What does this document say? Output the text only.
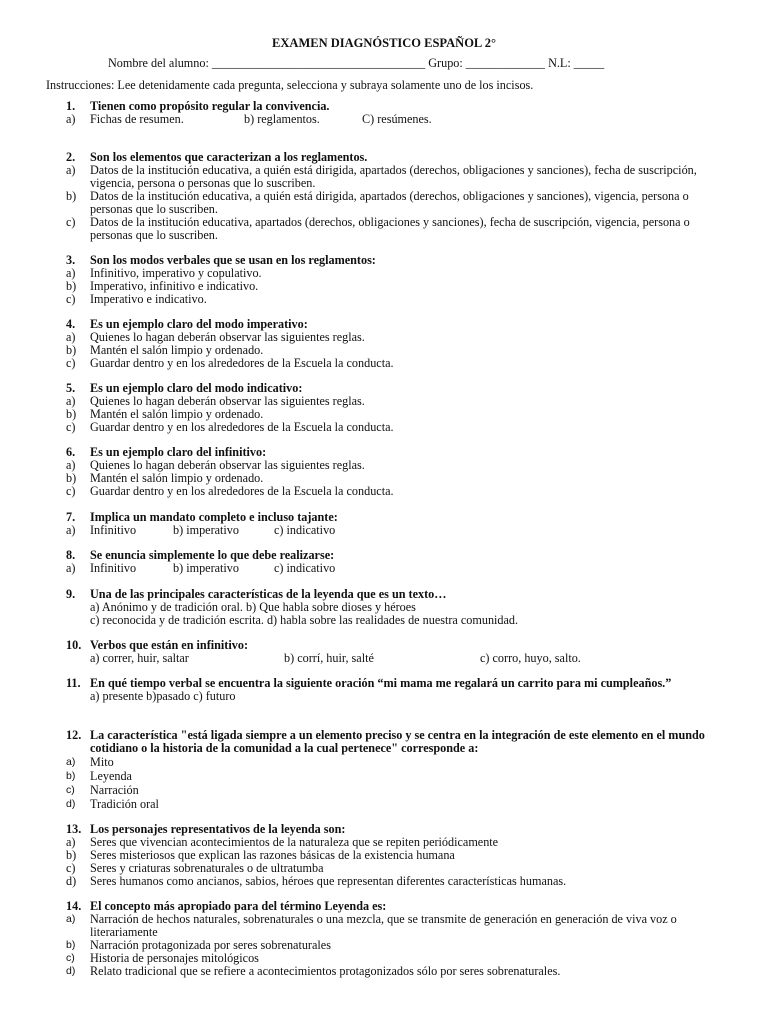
EXAMEN DIAGNÓSTICO ESPAÑOL 2°
Nombre del alumno: ___________________________________ Grupo: _____________ N.L: _____
Instrucciones: Lee detenidamente cada pregunta, selecciona y subraya solamente uno de los incisos.
1.	Tienen como propósito regular la convivencia.
a)	Fichas de resumen.	b) reglamentos.	C) resúmenes.
2.	Son los elementos que caracterizan a los reglamentos.
a)	Datos de la institución educativa, a quién está dirigida, apartados (derechos, obligaciones y sanciones), fecha de suscripción, vigencia, persona o personas que lo suscriben.
b)	Datos de la institución educativa, a quién está dirigida, apartados (derechos, obligaciones y sanciones), vigencia, persona o personas que lo suscriben.
c)	Datos de la institución educativa, apartados (derechos, obligaciones y sanciones), fecha de suscripción, vigencia, persona o personas que lo suscriben.
3.	Son los modos verbales que se usan en los reglamentos:
a)	Infinitivo, imperativo y copulativo.
b)	Imperativo, infinitivo e indicativo.
c)	Imperativo e indicativo.
4.	Es un ejemplo claro del modo imperativo:
a)	Quienes lo hagan deberán observar las siguientes reglas.
b)	Mantén el salón limpio y ordenado.
c)	Guardar dentro y en los alrededores de la Escuela la conducta.
5.	Es un ejemplo claro del modo indicativo:
a)	Quienes lo hagan deberán observar las siguientes reglas.
b)	Mantén el salón limpio y ordenado.
c)	Guardar dentro y en los alrededores de la Escuela la conducta.
6.	Es un ejemplo claro del infinitivo:
a)	Quienes lo hagan deberán observar las siguientes reglas.
b)	Mantén el salón limpio y ordenado.
c)	Guardar dentro y en los alrededores de la Escuela la conducta.
7.	Implica un mandato completo e incluso tajante:
a)	Infinitivo	b) imperativo	c) indicativo
8.	Se enuncia simplemente lo que debe realizarse:
a)	Infinitivo	b) imperativo	c) indicativo
9.	Una de las principales características de la leyenda que es un texto…
a) Anónimo y de tradición oral. b) Que habla sobre dioses y héroes
c) reconocida y de tradición escrita. d) habla sobre las realidades de nuestra comunidad.
10. Verbos que están en infinitivo:
a) correr, huir, saltar	b) corrí, huir, salté	c) corro, huyo, salto.
11. En qué tiempo verbal se encuentra la siguiente oración “mi mama me regalará un carrito para mi cumpleaños.”
a) presente b)pasado c) futuro
12. La característica "está ligada siempre a un elemento preciso y se centra en la integración de este elemento en el mundo cotidiano o la historia de la comunidad a la cual pertenece" corresponde a:
a)	Mito
b)	Leyenda
c)	Narración
d)	Tradición oral
13. Los personajes representativos de la leyenda son:
a)	Seres que vivencian acontecimientos de la naturaleza que se repiten periódicamente
b)	Seres misteriosos que explican las razones básicas de la existencia humana
c)	Seres y criaturas sobrenaturales o de ultratumba
d)	Seres humanos como ancianos, sabios, héroes que representan diferentes características humanas.
14. El concepto más apropiado para del término Leyenda es:
a)	Narración de hechos naturales, sobrenaturales o una mezcla, que se transmite de generación en generación de viva voz o literariamente
b)	Narración protagonizada por seres sobrenaturales
c)	Historia de personajes mitológicos
d)	Relato tradicional que se refiere a acontecimientos protagonizados sólo por seres sobrenaturales.
